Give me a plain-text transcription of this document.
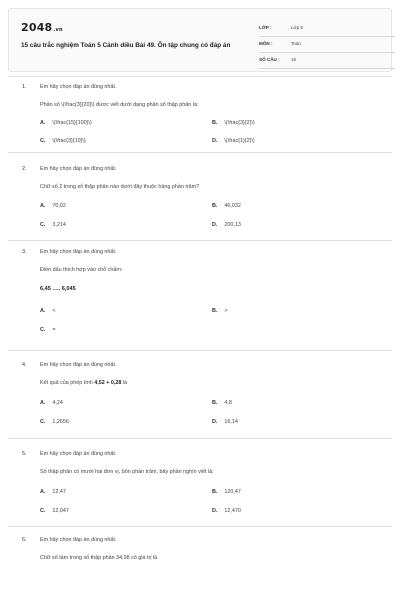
2048.vn
15 câu trắc nghiệm Toán 5 Cánh diều Bài 49. Ôn tập chung có đáp án
LỚP :	Lớp 5
MÔN :	Toán
SỐ CÂU :	15
1.	Em hãy chọn đáp án đúng nhất.
Phân số \(\frac{3}{20}\) được viết dưới dạng phân số thập phân là:
A. \(\frac{15}{100}\)	B. \(\frac{3}{2}\)
C. \(\frac{3}{10}\)	D. \(\frac{1}{2}\)
2.	Em hãy chọn đáp án đúng nhất.
Chữ số 2 trong số thập phân nào dưới đây thuộc hàng phần trăm?
A. 70,02	B. 46,032
C. 3,214	D. 200,13
3.	Em hãy chọn đáp án đúng nhất.
Điền dấu thích hợp vào chỗ chấm:
6,45 ..... 6,045
A. <	B. >
C. =
4.	Em hãy chọn đáp án đúng nhất.
Kết quả của phép tính 4,52 + 0,28 là
A. 4,24	B. 4,8
C. 1,2656	D. 16,14
5.	Em hãy chọn đáp án đúng nhất.
Số thập phân có mười hai đơn vị, bốn phần trăm, bảy phần nghìn viết là:
A. 12,47	B. 120,47
C. 12,047	D. 12,470
6.	Em hãy chọn đáp án đúng nhất.
Chữ số tám trong số thập phân 34,98 có giá trị là
